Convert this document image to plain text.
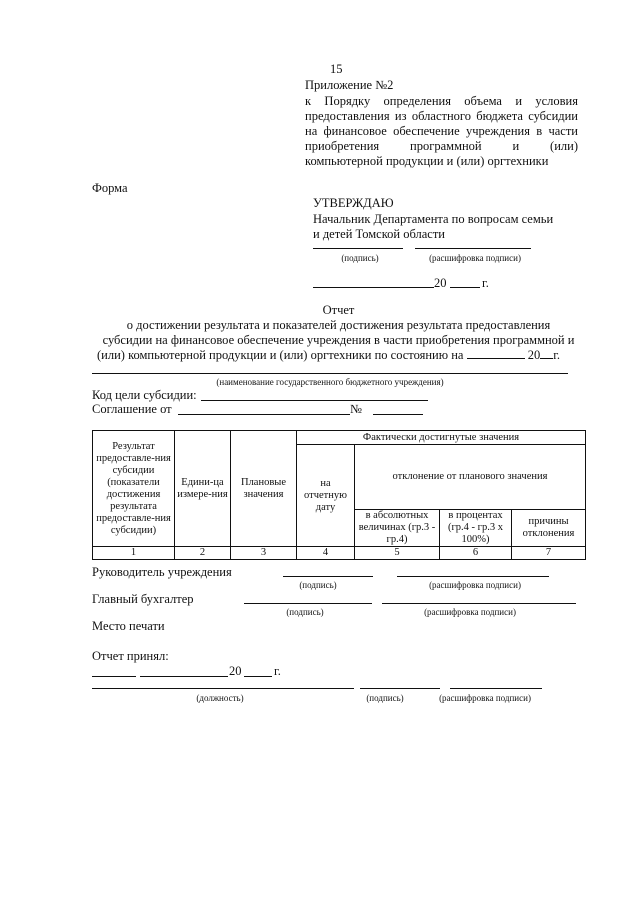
15
Приложение №2
к Порядку определения объема и условия
предоставления из областного бюджета субсидии
на финансовое обеспечение учреждения в части
приобретения программной и (или)
компьютерной продукции и (или) оргтехники
Форма
УТВЕРЖДАЮ
Начальник Департамента по вопросам семьи
и детей Томской области
(подпись)	(расшифровка подписи)
20	г.
Отчет
о достижении результата и показателей достижения результата предоставления
субсидии на финансовое обеспечение учреждения в части приобретения программной и
(или) компьютерной продукции и (или) оргтехники по состоянию на	20 г.
(наименование государственного бюджетного учреждения)
Код цели субсидии:
Соглашение от	№
Результат предоставле-ния субсидии (показатели достижения результата предоставле-ния субсидии)	Едини-ца измере-ния	Плановые значения	Фактически достигнутые значения			
			на отчетную дату	отклонение от планового значения		
				в абсолютных величинах (гр.3 - гр.4)	в процентах (гр.4 - гр.3 х 100%)	причины отклонения
1	2	3	4	5	6	7
Руководитель учреждения
(подпись)	(расшифровка подписи)
Главный бухгалтер
(подпись)	(расшифровка подписи)
Место печати
Отчет принял:
20	г.
(должность)	(подпись)	(расшифровка подписи)
